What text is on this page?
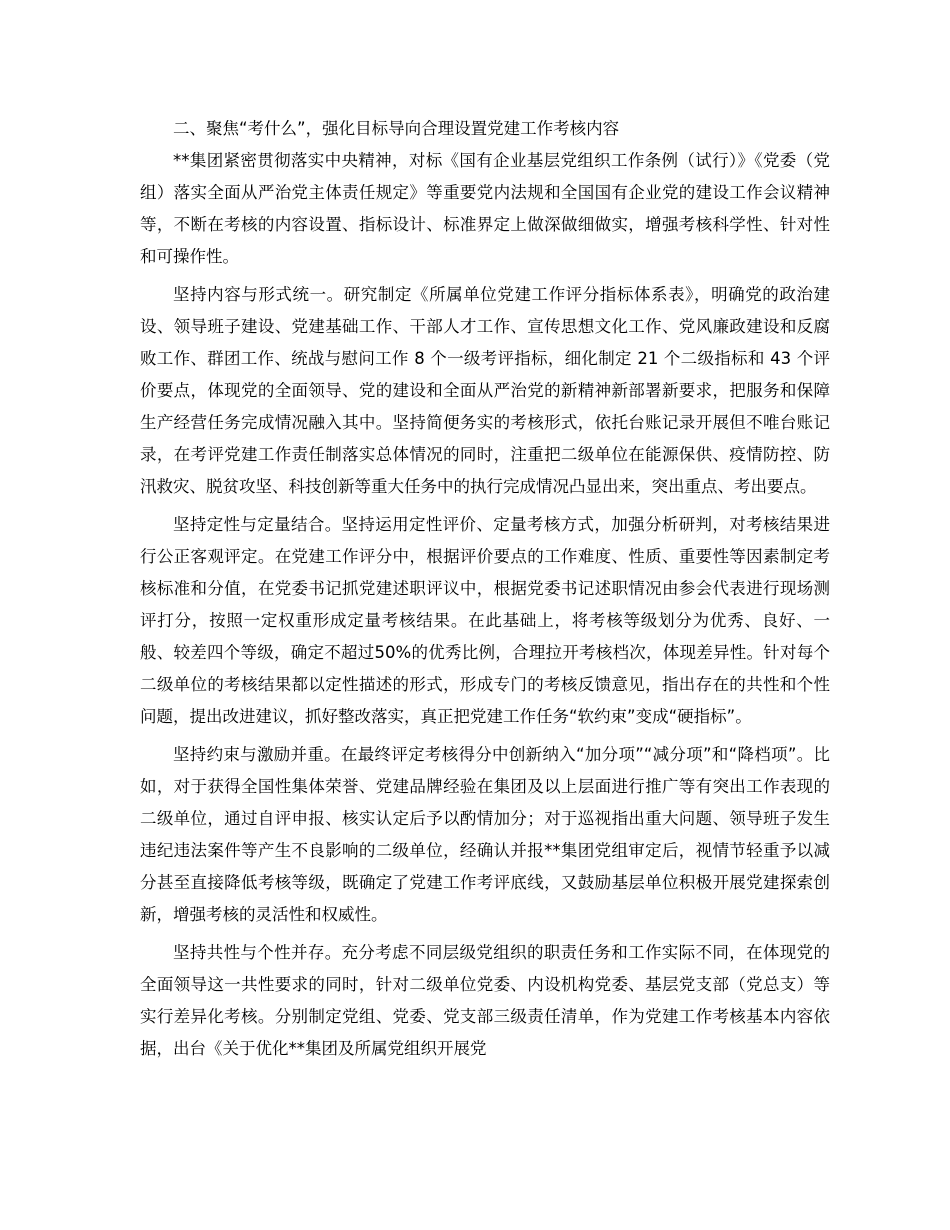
二、聚焦“考什么”，强化目标导向合理设置党建工作考核内容

**集团紧密贯彻落实中央精神，对标《国有企业基层党组织工作条例（试行）》《党委（党组）落实全面从严治党主体责任规定》等重要党内法规和全国国有企业党的建设工作会议精神等，不断在考核的内容设置、指标设计、标准界定上做深做细做实，增强考核科学性、针对性和可操作性。

坚持内容与形式统一。研究制定《所属单位党建工作评分指标体系表》，明确党的政治建设、领导班子建设、党建基础工作、干部人才工作、宣传思想文化工作、党风廉政建设和反腐败工作、群团工作、统战与慰问工作 8 个一级考评指标，细化制定 21 个二级指标和 43 个评价要点，体现党的全面领导、党的建设和全面从严治党的新精神新部署新要求，把服务和保障生产经营任务完成情况融入其中。坚持简便务实的考核形式，依托台账记录开展但不唯台账记录，在考评党建工作责任制落实总体情况的同时，注重把二级单位在能源保供、疫情防控、防汛救灾、脱贫攻坚、科技创新等重大任务中的执行完成情况凸显出来，突出重点、考出要点。

坚持定性与定量结合。坚持运用定性评价、定量考核方式，加强分析研判，对考核结果进行公正客观评定。在党建工作评分中，根据评价要点的工作难度、性质、重要性等因素制定考核标准和分值，在党委书记抓党建述职评议中，根据党委书记述职情况由参会代表进行现场测评打分，按照一定权重形成定量考核结果。在此基础上，将考核等级划分为优秀、良好、一般、较差四个等级，确定不超过50%的优秀比例，合理拉开考核档次，体现差异性。针对每个二级单位的考核结果都以定性描述的形式，形成专门的考核反馈意见，指出存在的共性和个性问题，提出改进建议，抓好整改落实，真正把党建工作任务“软约束”变成“硬指标”。

坚持约束与激励并重。在最终评定考核得分中创新纳入“加分项”“减分项”和“降档项”。比如，对于获得全国性集体荣誉、党建品牌经验在集团及以上层面进行推广等有突出工作表现的二级单位，通过自评申报、核实认定后予以酌情加分；对于巡视指出重大问题、领导班子发生违纪违法案件等产生不良影响的二级单位，经确认并报**集团党组审定后，视情节轻重予以减分甚至直接降低考核等级，既确定了党建工作考评底线，又鼓励基层单位积极开展党建探索创新，增强考核的灵活性和权威性。

坚持共性与个性并存。充分考虑不同层级党组织的职责任务和工作实际不同，在体现党的全面领导这一共性要求的同时，针对二级单位党委、内设机构党委、基层党支部（党总支）等实行差异化考核。分别制定党组、党委、党支部三级责任清单，作为党建工作考核基本内容依据，出台《关于优化**集团及所属党组织开展党
